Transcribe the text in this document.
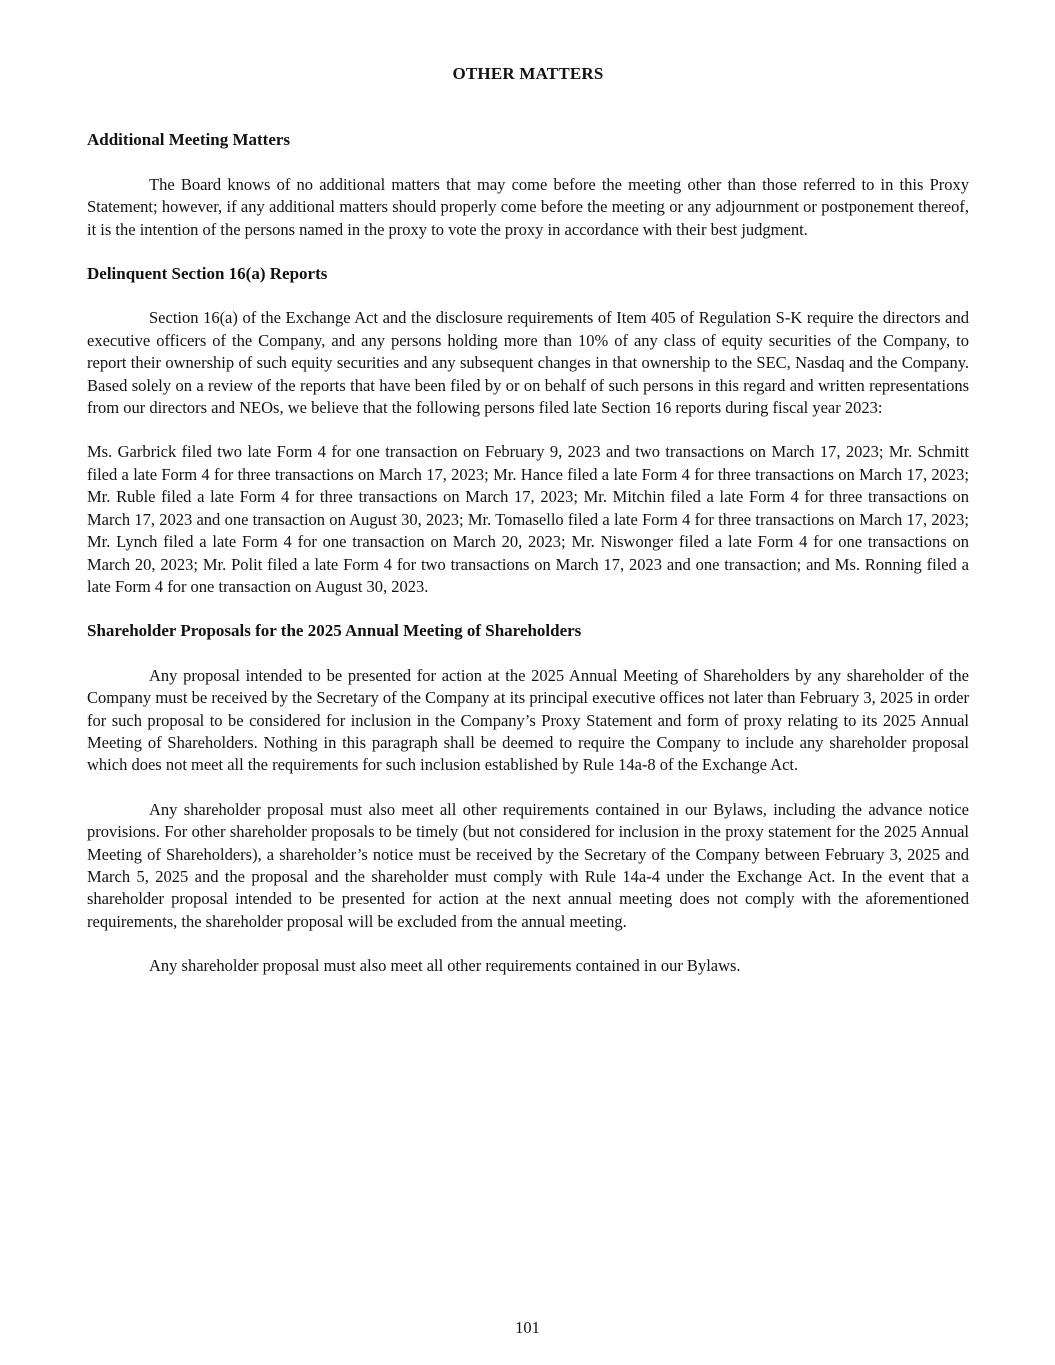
OTHER MATTERS
Additional Meeting Matters

The Board knows of no additional matters that may come before the meeting other than those referred to in this Proxy Statement; however, if any additional matters should properly come before the meeting or any adjournment or postponement thereof, it is the intention of the persons named in the proxy to vote the proxy in accordance with their best judgment.

Delinquent Section 16(a) Reports

Section 16(a) of the Exchange Act and the disclosure requirements of Item 405 of Regulation S-K require the directors and executive officers of the Company, and any persons holding more than 10% of any class of equity securities of the Company, to report their ownership of such equity securities and any subsequent changes in that ownership to the SEC, Nasdaq and the Company. Based solely on a review of the reports that have been filed by or on behalf of such persons in this regard and written representations from our directors and NEOs, we believe that the following persons filed late Section 16 reports during fiscal year 2023:

Ms. Garbrick filed two late Form 4 for one transaction on February 9, 2023 and two transactions on March 17, 2023; Mr. Schmitt filed a late Form 4 for three transactions on March 17, 2023; Mr. Hance filed a late Form 4 for three transactions on March 17, 2023; Mr. Ruble filed a late Form 4 for three transactions on March 17, 2023; Mr. Mitchin filed a late Form 4 for three transactions on March 17, 2023 and one transaction on August 30, 2023; Mr. Tomasello filed a late Form 4 for three transactions on March 17, 2023; Mr. Lynch filed a late Form 4 for one transaction on March 20, 2023; Mr. Niswonger filed a late Form 4 for one transactions on March 20, 2023; Mr. Polit filed a late Form 4 for two transactions on March 17, 2023 and one transaction; and Ms. Ronning filed a late Form 4 for one transaction on August 30, 2023.

Shareholder Proposals for the 2025 Annual Meeting of Shareholders

Any proposal intended to be presented for action at the 2025 Annual Meeting of Shareholders by any shareholder of the Company must be received by the Secretary of the Company at its principal executive offices not later than February 3, 2025 in order for such proposal to be considered for inclusion in the Company’s Proxy Statement and form of proxy relating to its 2025 Annual Meeting of Shareholders. Nothing in this paragraph shall be deemed to require the Company to include any shareholder proposal which does not meet all the requirements for such inclusion established by Rule 14a-8 of the Exchange Act.

Any shareholder proposal must also meet all other requirements contained in our Bylaws, including the advance notice provisions. For other shareholder proposals to be timely (but not considered for inclusion in the proxy statement for the 2025 Annual Meeting of Shareholders), a shareholder’s notice must be received by the Secretary of the Company between February 3, 2025 and March 5, 2025 and the proposal and the shareholder must comply with Rule 14a-4 under the Exchange Act. In the event that a shareholder proposal intended to be presented for action at the next annual meeting does not comply with the aforementioned requirements, the shareholder proposal will be excluded from the annual meeting.

Any shareholder proposal must also meet all other requirements contained in our Bylaws.

101
